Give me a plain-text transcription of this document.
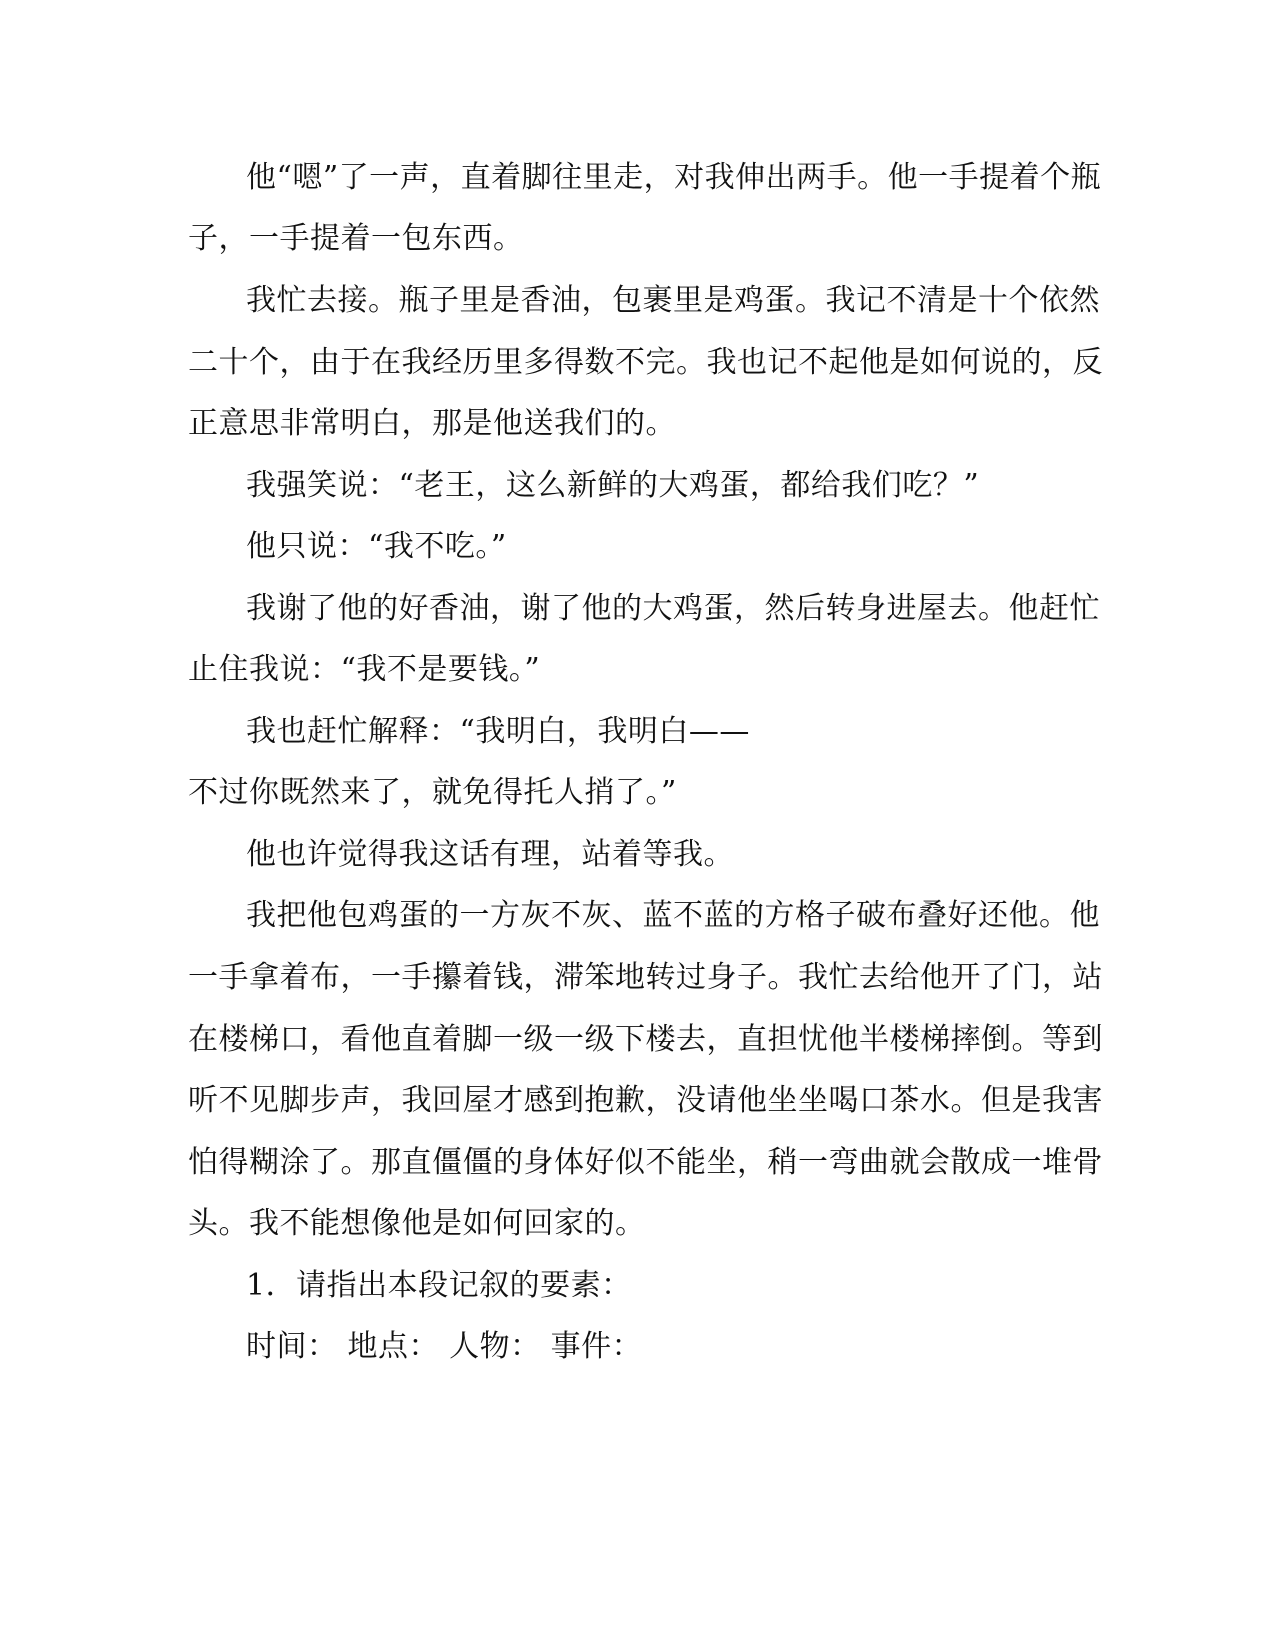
他“嗯”了一声，直着脚往里走，对我伸出两手。他一手提着个瓶
子，一手提着一包东西。
我忙去接。瓶子里是香油，包裹里是鸡蛋。我记不清是十个依然
二十个，由于在我经历里多得数不完。我也记不起他是如何说的，反
正意思非常明白，那是他送我们的。
我强笑说：“老王，这么新鲜的大鸡蛋，都给我们吃？”
他只说：“我不吃。”
我谢了他的好香油，谢了他的大鸡蛋，然后转身进屋去。他赶忙
止住我说：“我不是要钱。”
我也赶忙解释：“我明白，我明白——
不过你既然来了，就免得托人捎了。”
他也许觉得我这话有理，站着等我。
我把他包鸡蛋的一方灰不灰、蓝不蓝的方格子破布叠好还他。他
一手拿着布，一手攥着钱，滞笨地转过身子。我忙去给他开了门，站
在楼梯口，看他直着脚一级一级下楼去，直担忧他半楼梯摔倒。等到
听不见脚步声，我回屋才感到抱歉，没请他坐坐喝口茶水。但是我害
怕得糊涂了。那直僵僵的身体好似不能坐，稍一弯曲就会散成一堆骨
头。我不能想像他是如何回家的。
1．请指出本段记叙的要素：
时间： 地点： 人物： 事件：
